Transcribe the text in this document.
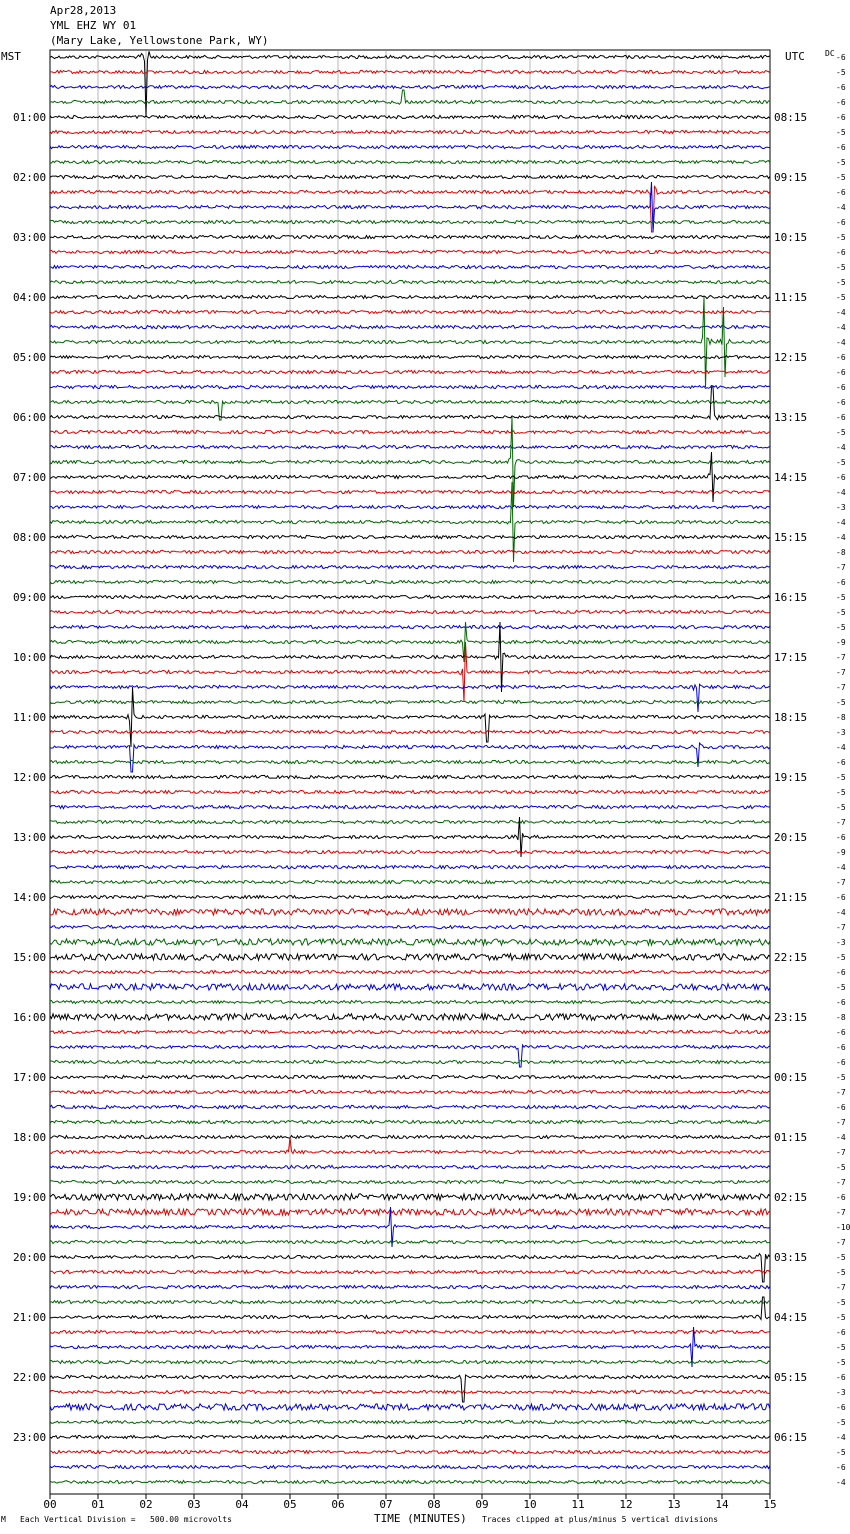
Apr28,2013
YML EHZ WY 01
(Mary Lake, Yellowstone Park, WY)
MST	UTC	DC -6
-5
-6
-6
-6
-5
-6
-5
-5
-6
-4
-6
-5
-6
-5
-5
-5
-4
-4
-4
-6
-6
-6
-6
-6
-5
-4
-5
-6
-4
-3
-4
-4
-8
-7
-6
-5
-5
-5
-9
-7
-7
-7
-5
-8
-3
-4
-6
-5
-5
-5
-7
-6
-9
-4
-7
-6
-4
-7
-3
-5
-6
-5
-6
-8
-6
-6
-6
-5
-7
-6
-7
-4
-7
-5
-7
-6
-7
-10
-7
-5
-5
-7
-5
-5
-6
-5
-5
-6
-3
-6
-5
-4
-5
-6
-4
01:00
02:00
03:00
04:00
05:00
06:00
07:00
08:00
09:00
10:00
11:00
12:00
13:00
14:00
15:00
16:00
17:00
18:00
19:00
20:00
21:00
22:00
23:00
08:15
09:15
10:15
11:15
12:15
13:15
14:15
15:15
16:15
17:15
18:15
19:15
20:15
21:15
22:15
23:15
00:15
01:15
02:15
03:15
04:15
05:15
06:15
00	01	02	03	04	05	06	07	08	09	10	11	12	13	14	15
TIME (MINUTES)
M Each Vertical Division =   500.00 microvolts	Traces clipped at plus/minus 5 vertical divisions
